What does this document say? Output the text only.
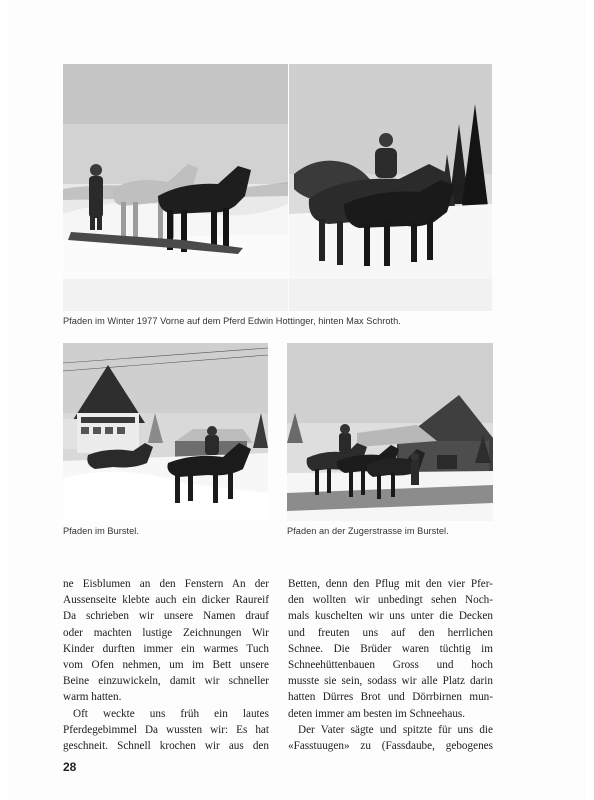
Pfaden im Winter 1977 Vorne auf dem Pferd Edwin Hottinger, hinten Max Schroth.
Pfaden im Burstel.	Pfaden an der Zugerstrasse im Burstel.
ne Eisblumen an den Fenstern An der
Aussenseite klebte auch ein dicker Raureif
Da schrieben wir unsere Namen drauf
oder machten lustige Zeichnungen Wir
Kinder durften immer ein warmes Tuch
vom Ofen nehmen, um im Bett unsere
Beine einzuwickeln, damit wir schneller
warm hatten.
Oft weckte uns früh ein lautes
Pferdegebimmel Da wussten wir: Es hat
geschneit. Schnell krochen wir aus den
Betten, denn den Pflug mit den vier Pfer-
den wollten wir unbedingt sehen Noch-
mals kuschelten wir uns unter die Decken
und freuten uns auf den herrlichen
Schnee. Die Brüder waren tüchtig im
Schneehüttenbauen Gross und hoch
musste sie sein, sodass wir alle Platz darin
hatten Dürres Brot und Dörrbirnen mun-
deten immer am besten im Schneehaus.
Der Vater sägte und spitzte für uns die
«Fasstuugen» zu (Fassdaube, gebogenes
28
